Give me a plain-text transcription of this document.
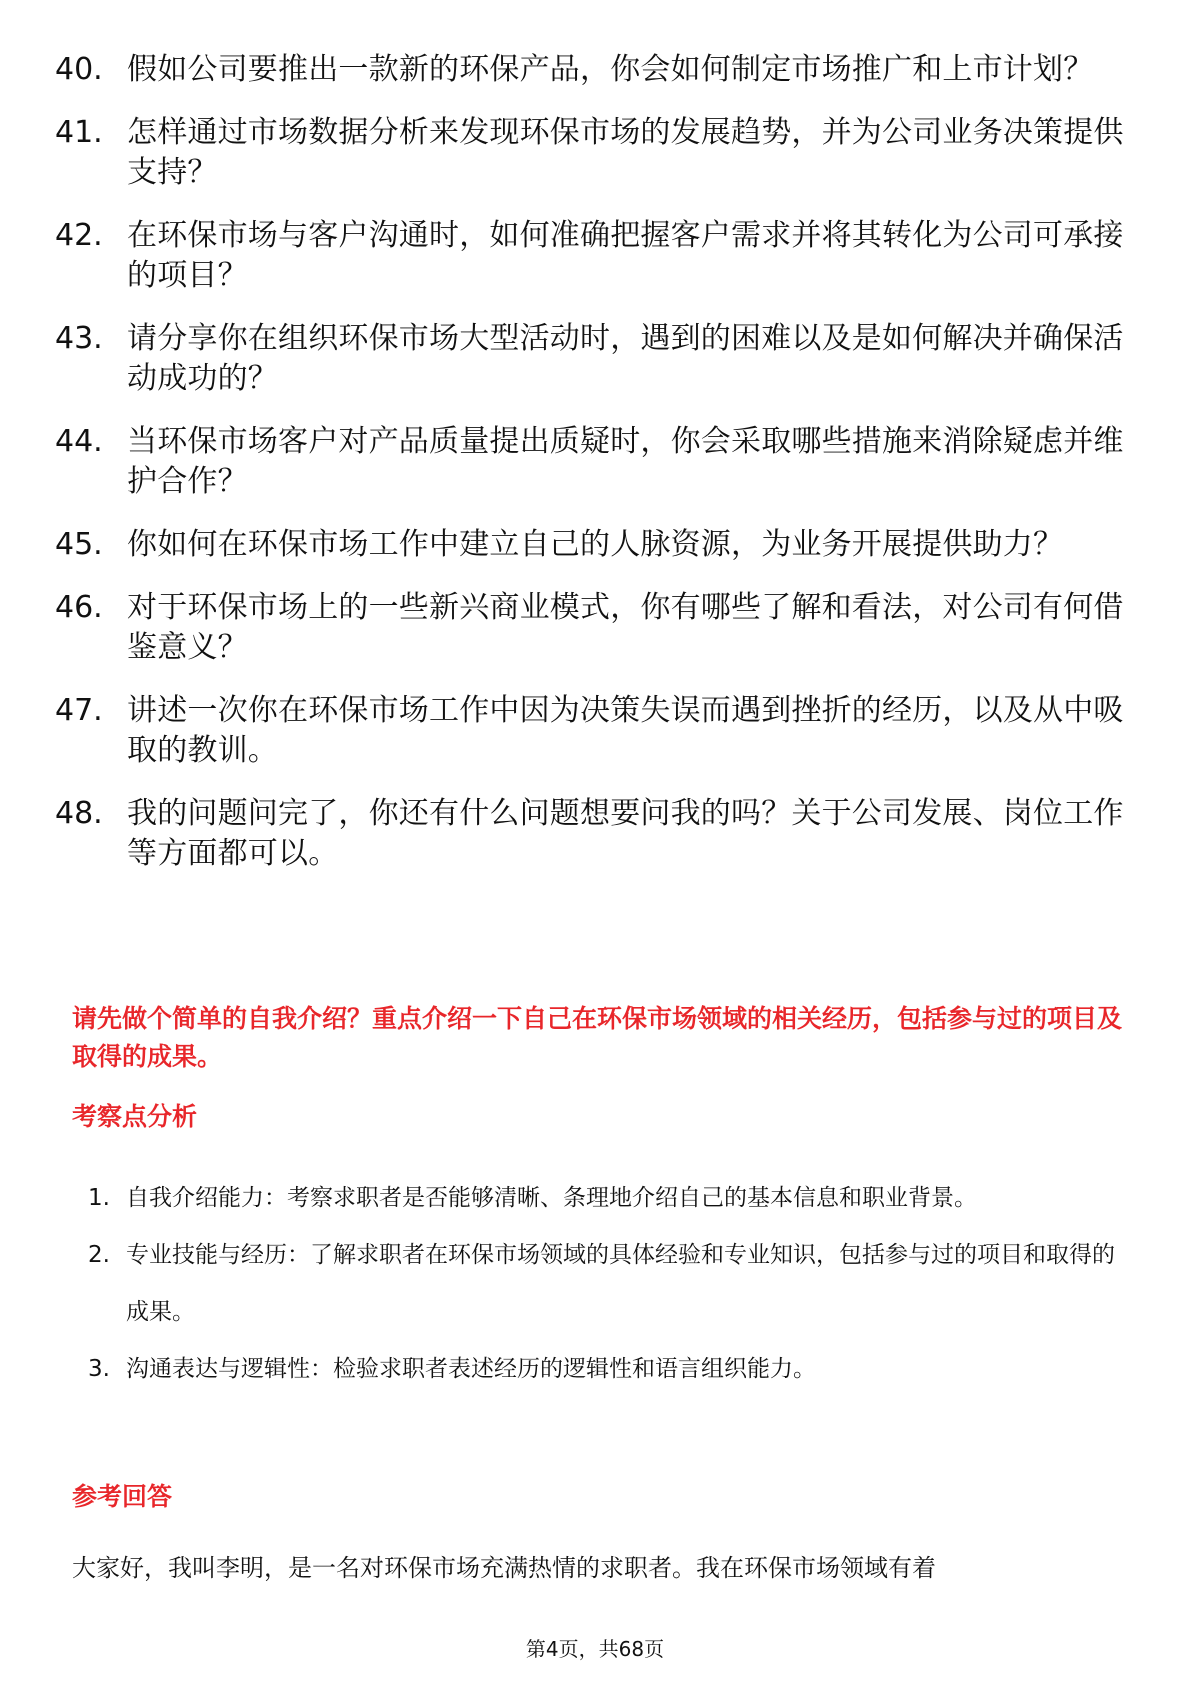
40. 假如公司要推出一款新的环保产品，你会如何制定市场推广和上市计划？
41. 怎样通过市场数据分析来发现环保市场的发展趋势，并为公司业务决策提供支持？
42. 在环保市场与客户沟通时，如何准确把握客户需求并将其转化为公司可承接的项目？
43. 请分享你在组织环保市场大型活动时，遇到的困难以及是如何解决并确保活动成功的？
44. 当环保市场客户对产品质量提出质疑时，你会采取哪些措施来消除疑虑并维护合作？
45. 你如何在环保市场工作中建立自己的人脉资源，为业务开展提供助力？
46. 对于环保市场上的一些新兴商业模式，你有哪些了解和看法，对公司有何借鉴意义？
47. 讲述一次你在环保市场工作中因为决策失误而遇到挫折的经历，以及从中吸取的教训。
48. 我的问题问完了，你还有什么问题想要问我的吗？关于公司发展、岗位工作等方面都可以。

请先做个简单的自我介绍？重点介绍一下自己在环保市场领域的相关经历，包括参与过的项目及取得的成果。

考察点分析
1. 自我介绍能力：考察求职者是否能够清晰、条理地介绍自己的基本信息和职业背景。
2. 专业技能与经历：了解求职者在环保市场领域的具体经验和专业知识，包括参与过的项目和取得的成果。
3. 沟通表达与逻辑性：检验求职者表述经历的逻辑性和语言组织能力。
参考回答

大家好，我叫李明，是一名对环保市场充满热情的求职者。我在环保市场领域有着

第4页，共68页
